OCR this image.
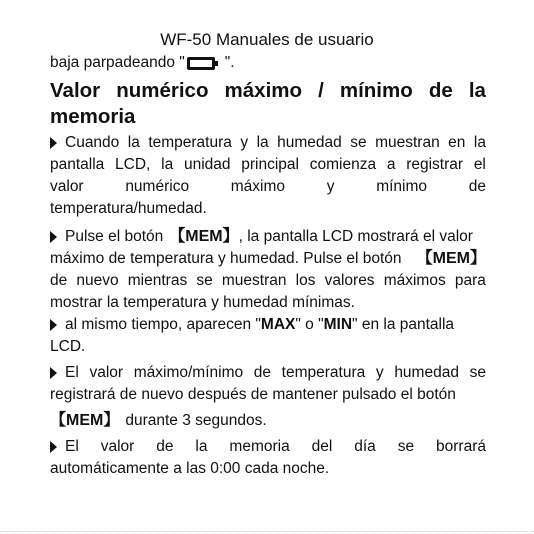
WF-50 Manuales de usuario
baja parpadeando "	".
Valor numérico máximo / mínimo de la
memoria
Cuando la temperatura y la humedad se muestran en la
pantalla LCD, la unidad principal comienza a registrar el
valor	numérico	máximo	y	mínimo	de
temperatura/humedad.
Pulse el botón 【MEM】 , la pantalla LCD mostrará el valor
máximo de temperatura y humedad. Pulse el botón 【MEM】
de nuevo mientras se muestran los valores máximos para
mostrar la temperatura y humedad mínimas.
al mismo tiempo, aparecen " MAX " o " MIN " en la pantalla
LCD.
El valor máximo/mínimo de temperatura y humedad se
registrará de nuevo después de mantener pulsado el botón
【MEM】 durante 3 segundos.
El valor de la memoria del día se borrará
automáticamente a las 0:00 cada noche.
